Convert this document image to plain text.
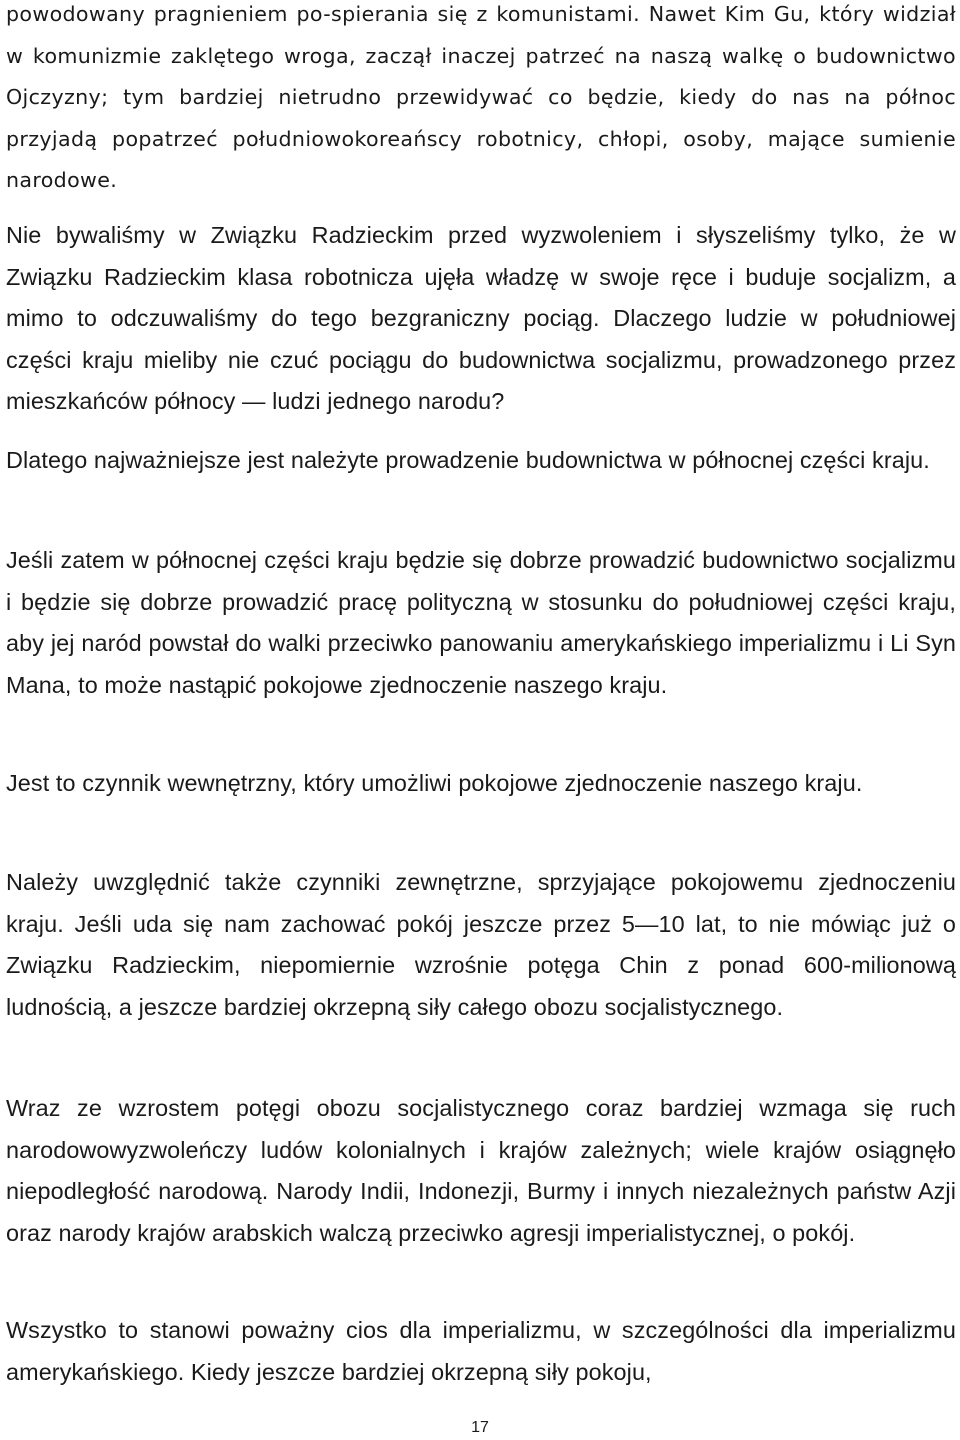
powodowany pragnieniem po-spierania się z komunistami. Nawet Kim Gu, który widział w komunizmie zaklętego wroga, zaczął inaczej patrzeć na naszą walkę o budownictwo Ojczyzny; tym bardziej nietrudno przewidywać co będzie, kiedy do nas na północ przyjadą popatrzeć południowokoreańscy robotnicy, chłopi, osoby, mające sumienie narodowe.

Nie bywaliśmy w Związku Radzieckim przed wyzwoleniem i słyszeliśmy tylko, że w Związku Radzieckim klasa robotnicza ujęła władzę w swoje ręce i buduje socjalizm, a mimo to odczuwaliśmy do tego bezgraniczny pociąg. Dlaczego ludzie w południowej części kraju mieliby nie czuć pociągu do budownictwa socjalizmu, prowadzonego przez mieszkańców północy — ludzi jednego narodu?

Dlatego najważniejsze jest należyte prowadzenie budownictwa w północnej części kraju.

Jeśli zatem w północnej części kraju będzie się dobrze prowadzić budownictwo socjalizmu i będzie się dobrze prowadzić pracę polityczną w stosunku do południowej części kraju, aby jej naród powstał do walki przeciwko panowaniu amerykańskiego imperializmu i Li Syn Mana, to może nastąpić pokojowe zjednoczenie naszego kraju.

Jest to czynnik wewnętrzny, który umożliwi pokojowe zjednoczenie naszego kraju.

Należy uwzględnić także czynniki zewnętrzne, sprzyjające pokojowemu zjednoczeniu kraju. Jeśli uda się nam zachować pokój jeszcze przez 5—10 lat, to nie mówiąc już o Związku Radzieckim, niepomiernie wzrośnie potęga Chin z ponad 600-milionową ludnością, a jeszcze bardziej okrzepną siły całego obozu socjalistycznego.

Wraz ze wzrostem potęgi obozu socjalistycznego coraz bardziej wzmaga się ruch narodowowyzwoleńczy ludów kolonialnych i krajów zależnych; wiele krajów osiągnęło niepodległość narodową. Narody Indii, Indonezji, Burmy i innych niezależnych państw Azji oraz narody krajów arabskich walczą przeciwko agresji imperialistycznej, o pokój.

Wszystko to stanowi poważny cios dla imperializmu, w szczególności dla imperializmu amerykańskiego. Kiedy jeszcze bardziej okrzepną siły pokoju,

17
